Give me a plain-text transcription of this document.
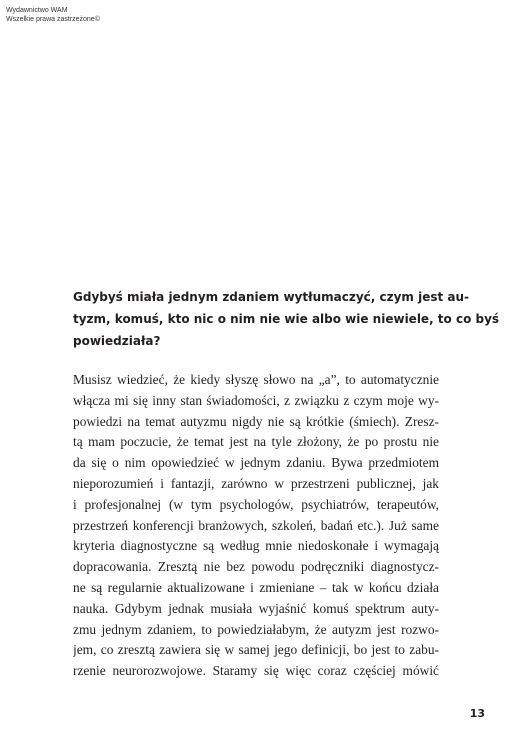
Wydawnictwo WAM
Wszelkie prawa zastrzeżone©
Gdybyś miała jednym zdaniem wytłumaczyć, czym jest au-
tyzm, komuś, kto nic o nim nie wie albo wie niewiele, to co byś
powiedziała?
Musisz wiedzieć, że kiedy słyszę słowo na „a”, to automatycznie
włącza mi się inny stan świadomości, z związku z czym moje wy-
powiedzi na temat autyzmu nigdy nie są krótkie (śmiech). Zresz-
tą mam poczucie, że temat jest na tyle złożony, że po prostu nie
da się o nim opowiedzieć w jednym zdaniu. Bywa przedmiotem
nieporozumień i fantazji, zarówno w przestrzeni publicznej, jak
i profesjonalnej (w tym psychologów, psychiatrów, terapeutów,
przestrzeń konferencji branżowych, szkoleń, badań etc.). Już same
kryteria diagnostyczne są według mnie niedoskonałe i wymagają
dopracowania. Zresztą nie bez powodu podręczniki diagnostycz-
ne są regularnie aktualizowane i zmieniane – tak w końcu działa
nauka. Gdybym jednak musiała wyjaśnić komuś spektrum auty-
zmu jednym zdaniem, to powiedziałabym, że autyzm jest rozwo-
jem, co zresztą zawiera się w samej jego definicji, bo jest to zabu-
rzenie neurorozwojowe. Staramy się więc coraz częściej mówić
13
